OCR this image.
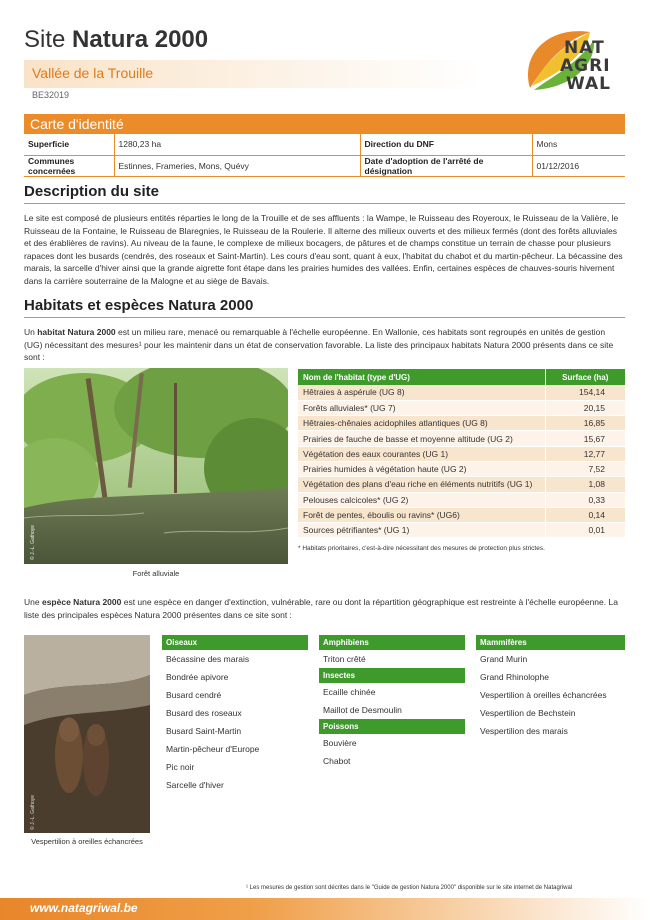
Site Natura 2000
Vallée de la Trouille
BE32019
NAT
AGRI
WAL
Carte d'identité
Superficie	1280,23 ha	Direction du DNF	Mons
Communes concernées	Estinnes, Frameries, Mons, Quévy	Date d'adoption de l'arrêté de désignation	01/12/2016
Description du site
Le site est composé de plusieurs entités réparties le long de la Trouille et de ses affluents : la Wampe, le Ruisseau des Royeroux, le Ruisseau de la Valière, le Ruisseau de la Fontaine, le Ruisseau de Blaregnies, le Ruisseau de la Roulerie. Il alterne des milieux ouverts et des milieux fermés (dont des forêts alluviales et des érablières de ravins). Au niveau de la faune, le complexe de milieux bocagers, de pâtures et de champs constitue un terrain de chasse pour plusieurs rapaces dont les busards (cendrés, des roseaux et Saint-Martin). Les cours d'eau sont, quant à eux, l'habitat du chabot et du martin-pêcheur. La bécassine des marais, la sarcelle d'hiver ainsi que la grande aigrette font étape dans les prairies humides des vallées. Enfin, certaines espèces de chauves-souris hivernent dans la carrière souterraine de la Malogne et au siège de Bavais.
Habitats et espèces Natura 2000
Un habitat Natura 2000 est un milieu rare, menacé ou remarquable à l'échelle européenne. En Wallonie, ces habitats sont regroupés en unités de gestion (UG) nécessitant des mesures¹ pour les maintenir dans un état de conservation favorable. La liste des principaux habitats Natura 2000 présents dans ce site sont :
© J.-L. Gathoye
Forêt alluviale
Nom de l'habitat (type d'UG)	Surface (ha)
Hêtraies à aspérule (UG 8)	154,14
Forêts alluviales* (UG 7)	20,15
Hêtraies-chênaies acidophiles atlantiques (UG 8)	16,85
Prairies de fauche de basse et moyenne altitude (UG 2)	15,67
Végétation des eaux courantes (UG 1)	12,77
Prairies humides à végétation haute (UG 2)	7,52
Végétation des plans d'eau riche en éléments nutritifs (UG 1)	1,08
Pelouses calcicoles* (UG 2)	0,33
Forêt de pentes, éboulis ou ravins* (UG6)	0,14
Sources pétrifiantes* (UG 1)	0,01
* Habitats prioritaires, c'est-à-dire nécessitant des mesures de protection plus strictes.
Une espèce Natura 2000 est une espèce en danger d'extinction, vulnérable, rare ou dont la répartition géographique est restreinte à l'échelle européenne. La liste des principales espèces Natura 2000 présentes dans ce site sont :
© J.-L. Gathoye
Vespertilion à oreilles échancrées
Oiseaux
Bécassine des marais
Bondrée apivore
Busard cendré
Busard des roseaux
Busard Saint-Martin
Martin-pêcheur d'Europe
Pic noir
Sarcelle d'hiver
Amphibiens
Triton crêté
Insectes
Ecaille chinée
Maillot de Desmoulin
Poissons
Bouvière
Chabot
Mammifères
Grand Murin
Grand Rhinolophe
Vespertilion à oreilles échancrées
Vespertilion de Bechstein
Vespertilion des marais
¹ Les mesures de gestion sont décrites dans le "Guide de gestion Natura 2000" disponible sur le site internet de Natagriwal
www.natagriwal.be
